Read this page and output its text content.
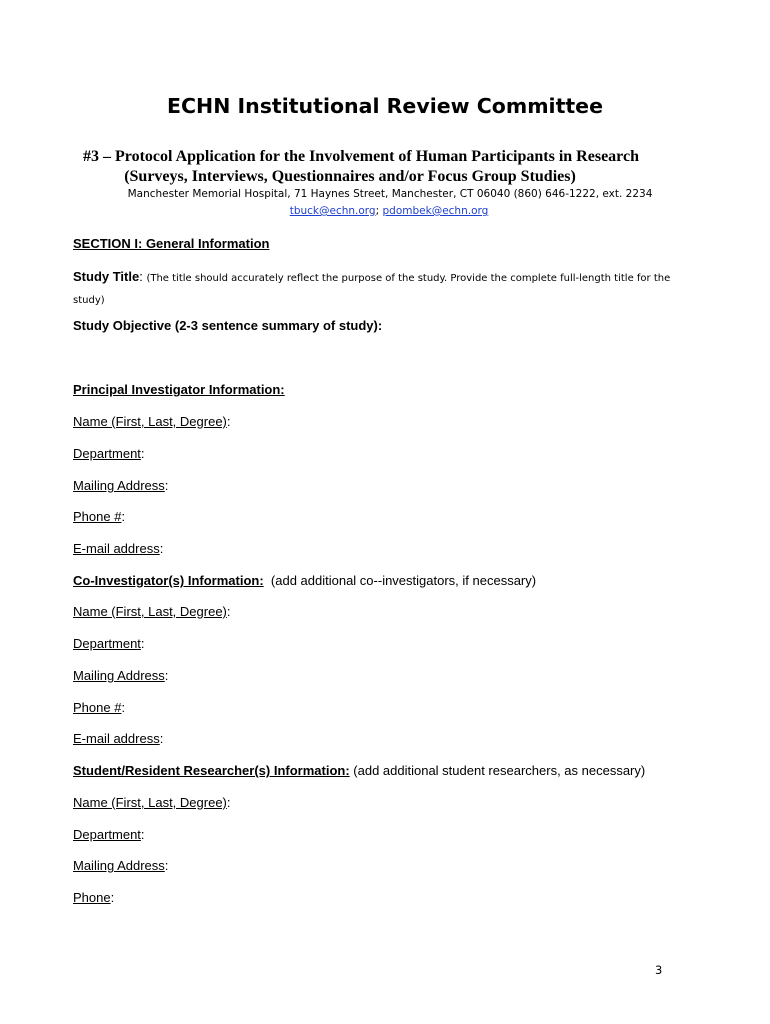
ECHN Institutional Review Committee
#3 – Protocol Application for the Involvement of Human Participants in Research
(Surveys, Interviews, Questionnaires and/or Focus Group Studies)
Manchester Memorial Hospital, 71 Haynes Street, Manchester, CT 06040 (860) 646-1222, ext. 2234
tbuck@echn.org; pdombek@echn.org
SECTION I: General Information
Study Title: (The title should accurately reflect the purpose of the study. Provide the complete full-length title for the study)
Study Objective (2-3 sentence summary of study):
Principal Investigator Information:
Name (First, Last, Degree):
Department:
Mailing Address:
Phone #:
E-mail address:
Co-Investigator(s) Information: (add additional co--investigators, if necessary)
Name (First, Last, Degree):
Department:
Mailing Address:
Phone #:
E-mail address:
Student/Resident Researcher(s) Information: (add additional student researchers, as necessary)
Name (First, Last, Degree):
Department:
Mailing Address:
Phone:
3
